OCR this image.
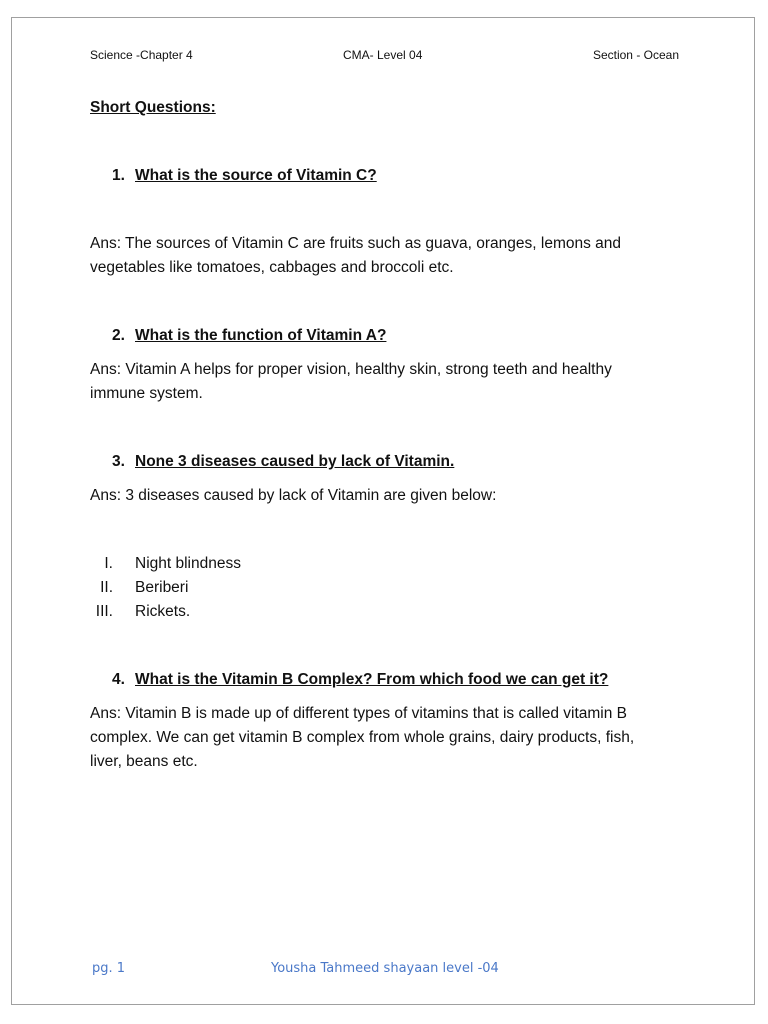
Science -Chapter 4	CMA- Level 04	Section - Ocean

Short Questions:

1. What is the source of Vitamin C?

Ans: The sources of Vitamin C are fruits such as guava, oranges, lemons and vegetables like tomatoes, cabbages and broccoli etc.

2. What is the function of Vitamin A?

Ans: Vitamin A helps for proper vision, healthy skin, strong teeth and healthy immune system.

3. None 3 diseases caused by lack of Vitamin.

Ans: 3 diseases caused by lack of Vitamin are given below:

I. Night blindness
II. Beriberi
III. Rickets.

4. What is the Vitamin B Complex? From which food we can get it?

Ans: Vitamin B is made up of different types of vitamins that is called vitamin B complex. We can get vitamin B complex from whole grains, dairy products, fish, liver, beans etc.

pg. 1	Yousha Tahmeed shayaan level -04
